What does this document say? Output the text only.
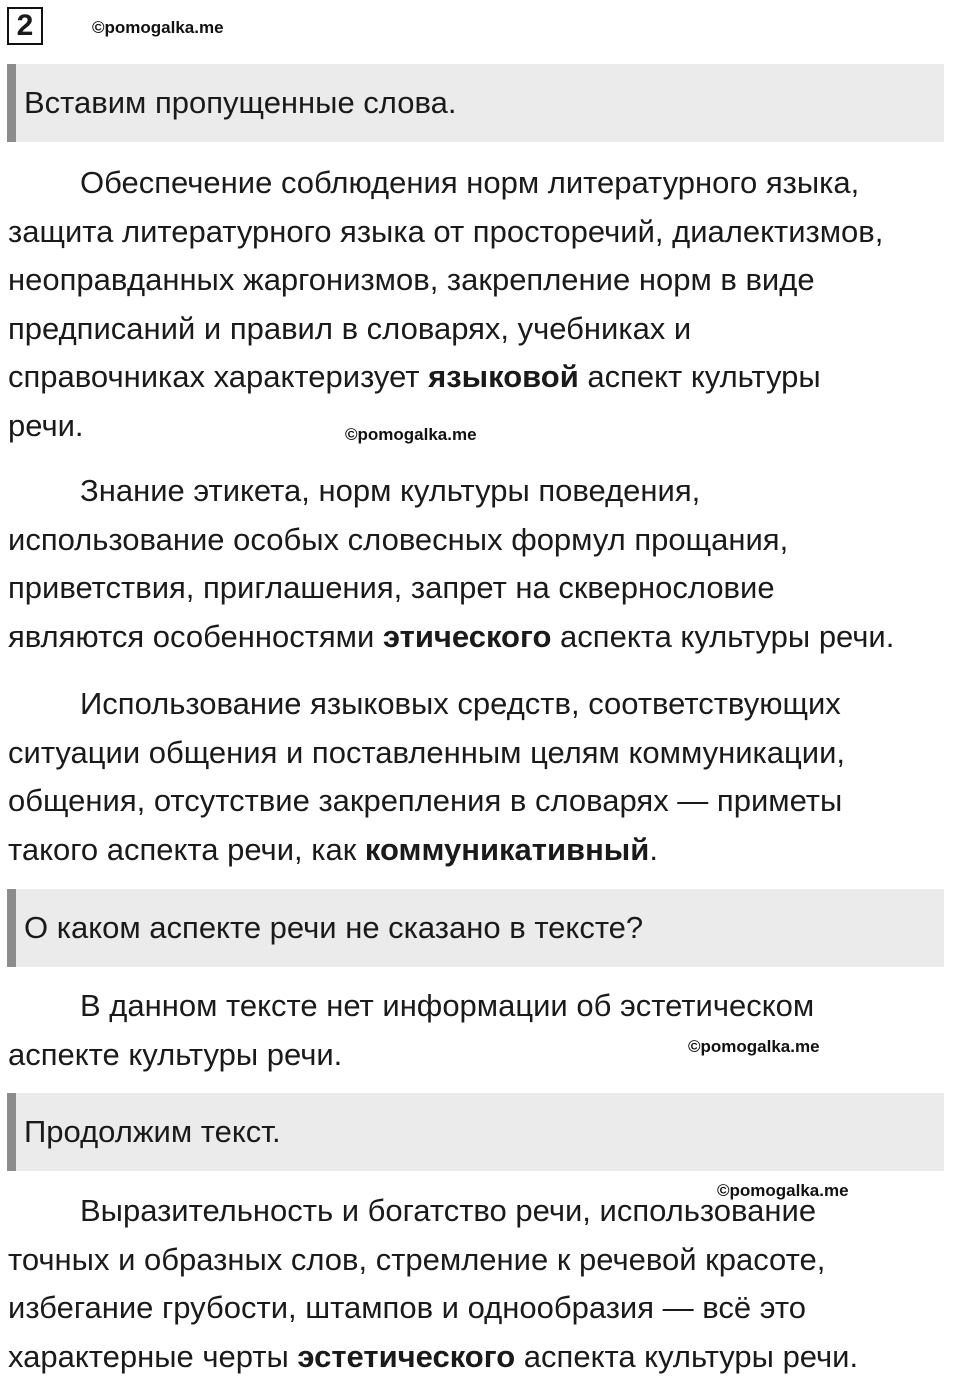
2	©pomogalka.me
Вставим пропущенные слова.

Обеспечение соблюдения норм литературного языка,
защита литературного языка от просторечий, диалектизмов,
неоправданных жаргонизмов, закрепление норм в виде
предписаний и правил в словарях, учебниках и
справочниках характеризует языковой аспект культуры
речи.	©pomogalka.me

Знание этикета, норм культуры поведения,
использование особых словесных формул прощания,
приветствия, приглашения, запрет на сквернословие
являются особенностями этического аспекта культуры речи.

Использование языковых средств, соответствующих
ситуации общения и поставленным целям коммуникации,
общения, отсутствие закрепления в словарях — приметы
такого аспекта речи, как коммуникативный.

О каком аспекте речи не сказано в тексте?

В данном тексте нет информации об эстетическом
аспекте культуры речи.	©pomogalka.me
Продолжим текст.
©pomogalka.me

Выразительность и богатство речи, использование
точных и образных слов, стремление к речевой красоте,
избегание грубости, штампов и однообразия — всё это
характерные черты эстетического аспекта культуры речи.
